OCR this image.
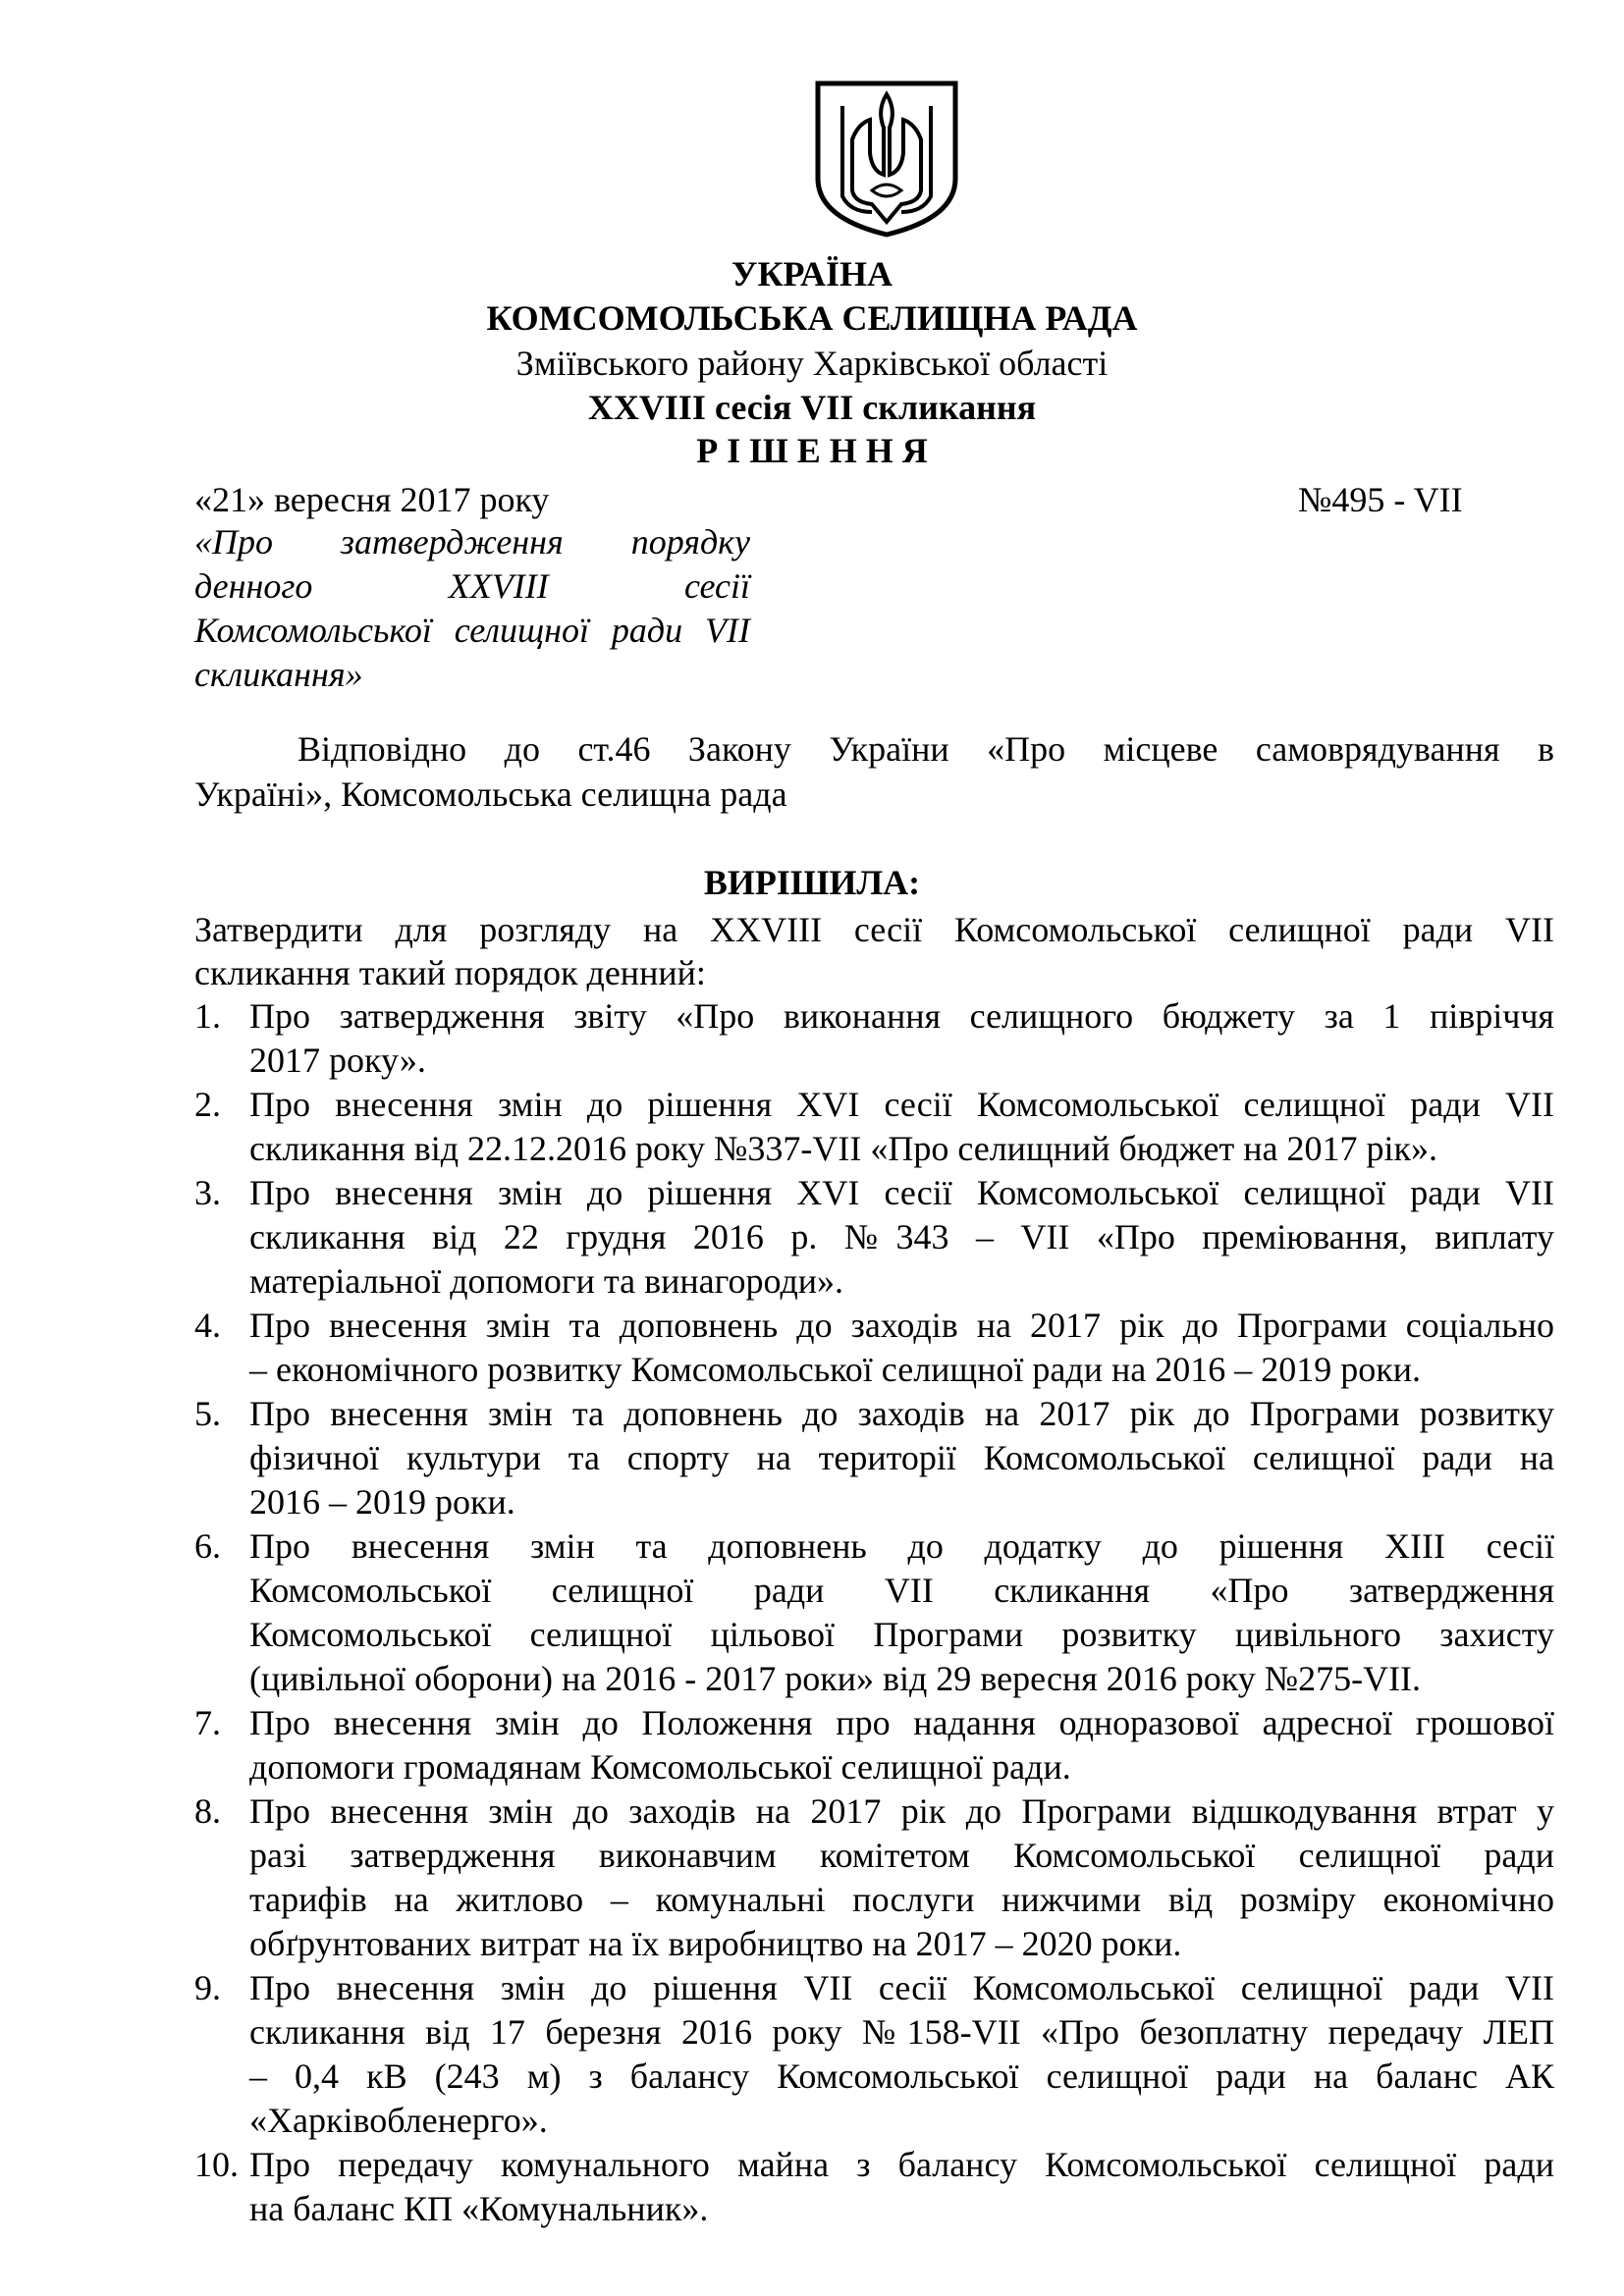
УКРАЇНА
КОМСОМОЛЬСЬКА СЕЛИЩНА РАДА
Зміївського району Харківської області
XXVIII сесія VII скликання
Р І Ш Е Н Н Я
«21» вересня 2017 року	№495 - VII
«Про затвердження порядку
денного XXVIII сесії
Комсомольської селищної ради VII
скликання»
Відповідно до ст.46 Закону України «Про місцеве самоврядування в
Україні», Комсомольська селищна рада
ВИРІШИЛА:
Затвердити для розгляду на XXVIII сесії Комсомольської селищної ради VII
скликання такий порядок денний:
1. Про затвердження звіту «Про виконання селищного бюджету за 1 півріччя
2017 року».
2. Про внесення змін до рішення XVI сесії Комсомольської селищної ради VII
скликання від 22.12.2016 року №337-VII «Про селищний бюджет на 2017 рік».
3. Про внесення змін до рішення XVI сесії Комсомольської селищної ради VII
скликання від 22 грудня 2016 р. №343 – VII «Про преміювання, виплату
матеріальної допомоги та винагороди».
4. Про внесення змін та доповнень до заходів на 2017 рік до Програми соціально
– економічного розвитку Комсомольської селищної ради на 2016 – 2019 роки.
5. Про внесення змін та доповнень до заходів на 2017 рік до Програми розвитку
фізичної культури та спорту на території Комсомольської селищної ради на
2016 – 2019 роки.
6. Про внесення змін та доповнень до додатку до рішення XIII сесії
Комсомольської селищної ради VII скликання «Про затвердження
Комсомольської селищної цільової Програми розвитку цивільного захисту
(цивільної оборони) на 2016 - 2017 роки» від 29 вересня 2016 року №275-VII.
7. Про внесення змін до Положення про надання одноразової адресної грошової
допомоги громадянам Комсомольської селищної ради.
8. Про внесення змін до заходів на 2017 рік до Програми відшкодування втрат у
разі затвердження виконавчим комітетом Комсомольської селищної ради
тарифів на житлово – комунальні послуги нижчими від розміру економічно
обґрунтованих витрат на їх виробництво на 2017 – 2020 роки.
9. Про внесення змін до рішення VII сесії Комсомольської селищної ради VII
скликання від 17 березня 2016 року №158-VII «Про безоплатну передачу ЛЕП
– 0,4 кВ (243 м) з балансу Комсомольської селищної ради на баланс АК
«Харківобленерго».
10. Про передачу комунального майна з балансу Комсомольської селищної ради
на баланс КП «Комунальник».
